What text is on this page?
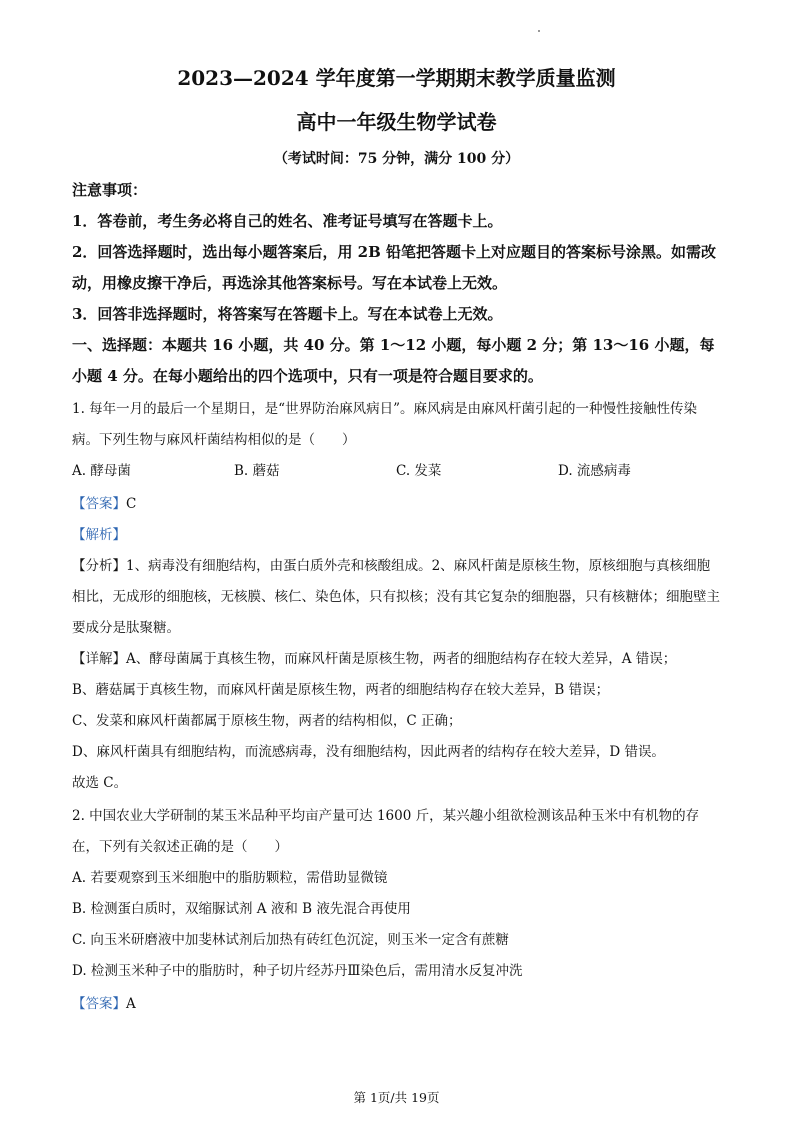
2023—2024 学年度第一学期期末教学质量监测
高中一年级生物学试卷
（考试时间：75 分钟，满分 100 分）

注意事项：

1．答卷前，考生务必将自己的姓名、准考证号填写在答题卡上。

2．回答选择题时，选出每小题答案后，用 2B 铅笔把答题卡上对应题目的答案标号涂黑。如需改动，用橡皮擦干净后，再选涂其他答案标号。写在本试卷上无效。

3．回答非选择题时，将答案写在答题卡上。写在本试卷上无效。

一、选择题：本题共 16 小题，共 40 分。第 1～12 小题，每小题 2 分；第 13～16 小题，每小题 4 分。在每小题给出的四个选项中，只有一项是符合题目要求的。

1. 每年一月的最后一个星期日，是“世界防治麻风病日”。麻风病是由麻风杆菌引起的一种慢性接触性传染病。下列生物与麻风杆菌结构相似的是（　　）

A. 酵母菌	B. 蘑菇	C. 发菜	D. 流感病毒

【答案】C

【解析】

【分析】1、病毒没有细胞结构，由蛋白质外壳和核酸组成。2、麻风杆菌是原核生物，原核细胞与真核细胞相比，无成形的细胞核，无核膜、核仁、染色体，只有拟核；没有其它复杂的细胞器，只有核糖体；细胞壁主要成分是肽聚糖。

【详解】A、酵母菌属于真核生物，而麻风杆菌是原核生物，两者的细胞结构存在较大差异，A 错误；

B、蘑菇属于真核生物，而麻风杆菌是原核生物，两者的细胞结构存在较大差异，B 错误；

C、发菜和麻风杆菌都属于原核生物，两者的结构相似，C 正确；

D、麻风杆菌具有细胞结构，而流感病毒，没有细胞结构，因此两者的结构存在较大差异，D 错误。

故选 C。

2. 中国农业大学研制的某玉米品种平均亩产量可达 1600 斤，某兴趣小组欲检测该品种玉米中有机物的存在，下列有关叙述正确的是（　　）

A. 若要观察到玉米细胞中的脂肪颗粒，需借助显微镜

B. 检测蛋白质时，双缩脲试剂 A 液和 B 液先混合再使用

C. 向玉米研磨液中加斐林试剂后加热有砖红色沉淀，则玉米一定含有蔗糖

D. 检测玉米种子中的脂肪时，种子切片经苏丹Ⅲ染色后，需用清水反复冲洗

【答案】A

第 1页/共 19页
